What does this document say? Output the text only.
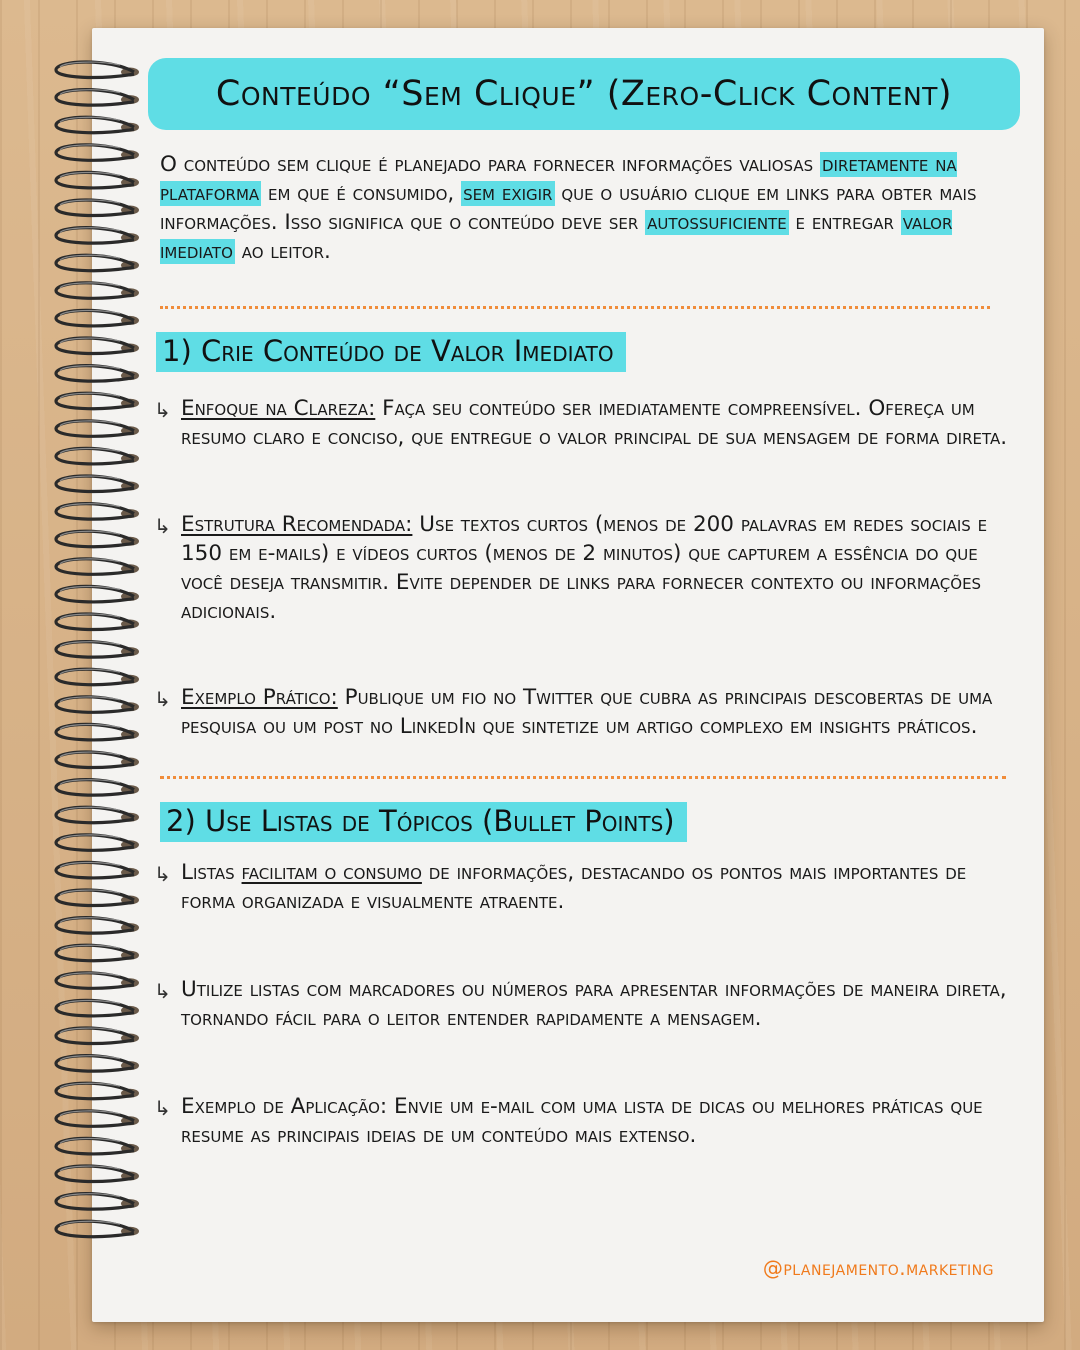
Conteúdo “Sem Clique” (Zero-Click Content)
O conteúdo sem clique é planejado para fornecer informações valiosas diretamente na plataforma em que é consumido, sem exigir que o usuário clique em links para obter mais informações. Isso significa que o conteúdo deve ser autossuficiente e entregar valor imediato ao leitor.
1) Crie Conteúdo de Valor Imediato
↳ Enfoque na Clareza: Faça seu conteúdo ser imediatamente compreensível. Ofereça um resumo claro e conciso, que entregue o valor principal de sua mensagem de forma direta.
↳ Estrutura Recomendada: Use textos curtos (menos de 200 palavras em redes sociais e 150 em e-mails) e vídeos curtos (menos de 2 minutos) que capturem a essência do que você deseja transmitir. Evite depender de links para fornecer contexto ou informações adicionais.
↳ Exemplo Prático: Publique um fio no Twitter que cubra as principais descobertas de uma pesquisa ou um post no LinkedIn que sintetize um artigo complexo em insights práticos.
2) Use Listas de Tópicos (Bullet Points)
↳ Listas facilitam o consumo de informações, destacando os pontos mais importantes de forma organizada e visualmente atraente.
↳ Utilize listas com marcadores ou números para apresentar informações de maneira direta, tornando fácil para o leitor entender rapidamente a mensagem.
↳ Exemplo de Aplicação: Envie um e-mail com uma lista de dicas ou melhores práticas que resume as principais ideias de um conteúdo mais extenso.
@planejamento.marketing
